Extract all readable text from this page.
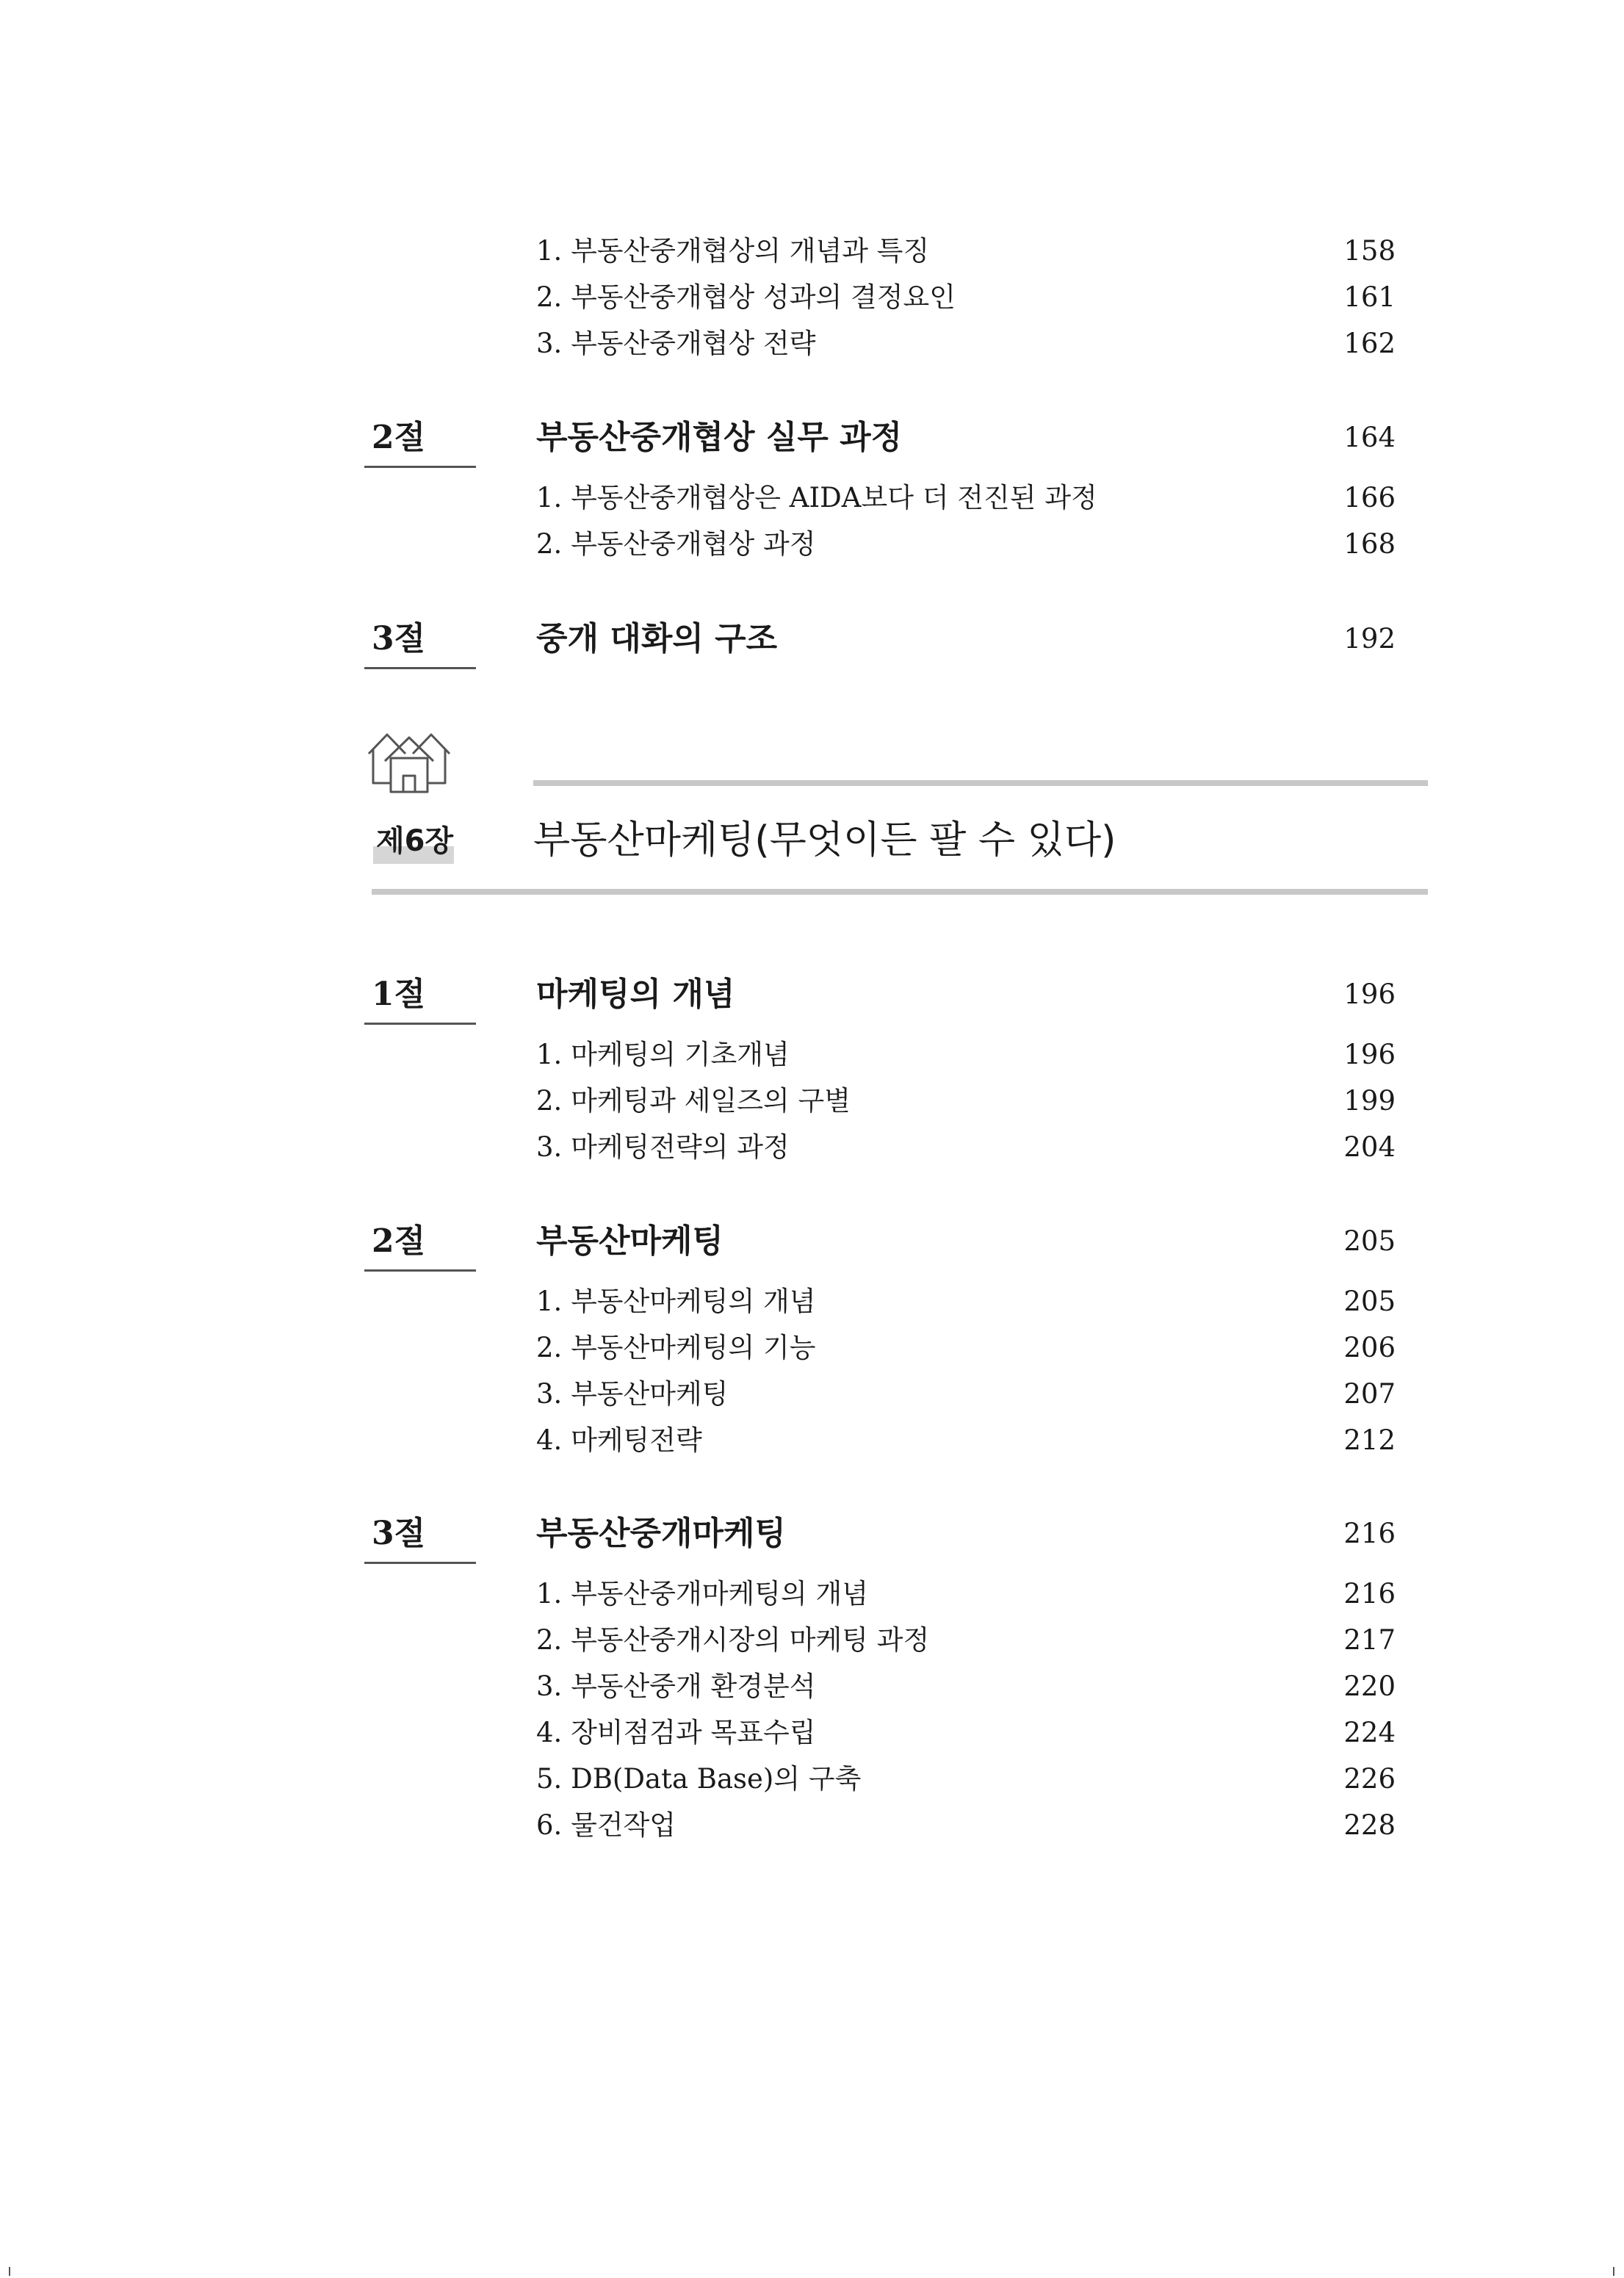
1. 부동산중개협상의 개념과 특징	158
2. 부동산중개협상 성과의 결정요인	161
3. 부동산중개협상 전략	162
2절	부동산중개협상 실무 과정	164
1. 부동산중개협상은 AIDA보다 더 전진된 과정	166
2. 부동산중개협상 과정	168
3절	중개 대화의 구조	192
제6장 부동산마케팅(무엇이든 팔 수 있다)
1절	마케팅의 개념	196
1. 마케팅의 기초개념	196
2. 마케팅과 세일즈의 구별	199
3. 마케팅전략의 과정	204
2절	부동산마케팅	205
1. 부동산마케팅의 개념	205
2. 부동산마케팅의 기능	206
3. 부동산마케팅	207
4. 마케팅전략	212
3절	부동산중개마케팅	216
1. 부동산중개마케팅의 개념	216
2. 부동산중개시장의 마케팅 과정	217
3. 부동산중개 환경분석	220
4. 장비점검과 목표수립	224
5. DB(Data Base)의 구축	226
6. 물건작업	228
